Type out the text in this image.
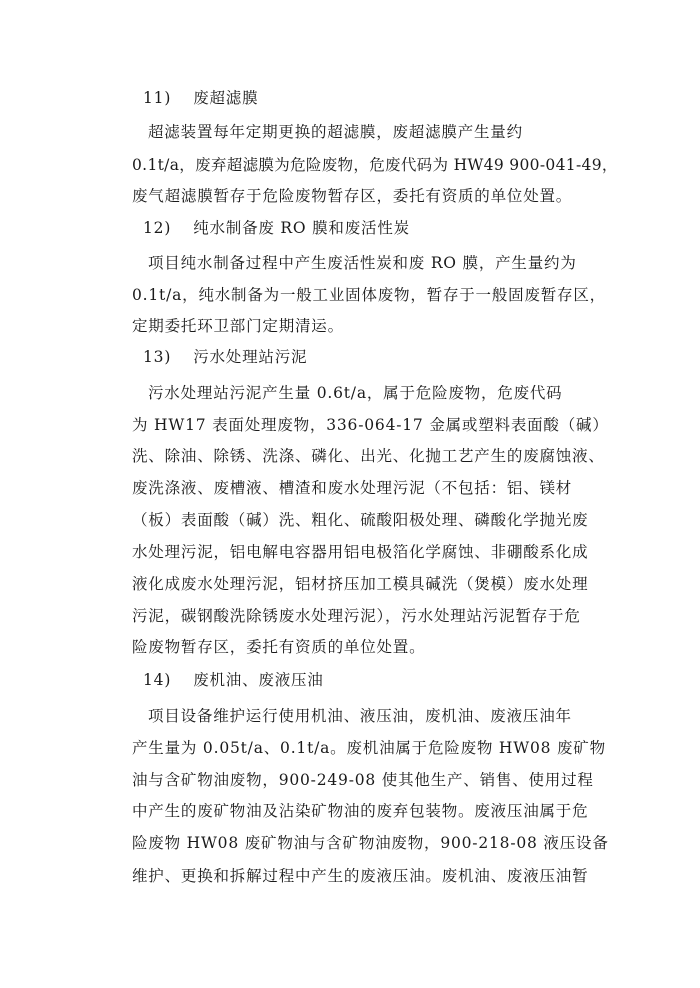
11)　 废超滤膜
超滤装置每年定期更换的超滤膜，废超滤膜产生量约
0.1t/a，废弃超滤膜为危险废物，危废代码为 HW49 900-041-49，
废气超滤膜暂存于危险废物暂存区，委托有资质的单位处置。
12)　 纯水制备废 RO 膜和废活性炭
项目纯水制备过程中产生废活性炭和废 RO 膜，产生量约为
0.1t/a，纯水制备为一般工业固体废物，暂存于一般固废暂存区，
定期委托环卫部门定期清运。
13)　 污水处理站污泥
污水处理站污泥产生量 0.6t/a，属于危险废物，危废代码
为 HW17 表面处理废物，336-064-17 金属或塑料表面酸（碱）
洗、除油、除锈、洗涤、磷化、出光、化抛工艺产生的废腐蚀液、
废洗涤液、废槽液、槽渣和废水处理污泥（不包括：铝、镁材
（板）表面酸（碱）洗、粗化、硫酸阳极处理、磷酸化学抛光废
水处理污泥，铝电解电容器用铝电极箔化学腐蚀、非硼酸系化成
液化成废水处理污泥，铝材挤压加工模具碱洗（煲模）废水处理
污泥，碳钢酸洗除锈废水处理污泥），污水处理站污泥暂存于危
险废物暂存区，委托有资质的单位处置。
14)　 废机油、废液压油
项目设备维护运行使用机油、液压油，废机油、废液压油年
产生量为 0.05t/a、0.1t/a。废机油属于危险废物 HW08 废矿物
油与含矿物油废物，900-249-08 使其他生产、销售、使用过程
中产生的废矿物油及沾染矿物油的废弃包装物。废液压油属于危
险废物 HW08 废矿物油与含矿物油废物，900-218-08 液压设备
维护、更换和拆解过程中产生的废液压油。废机油、废液压油暂
